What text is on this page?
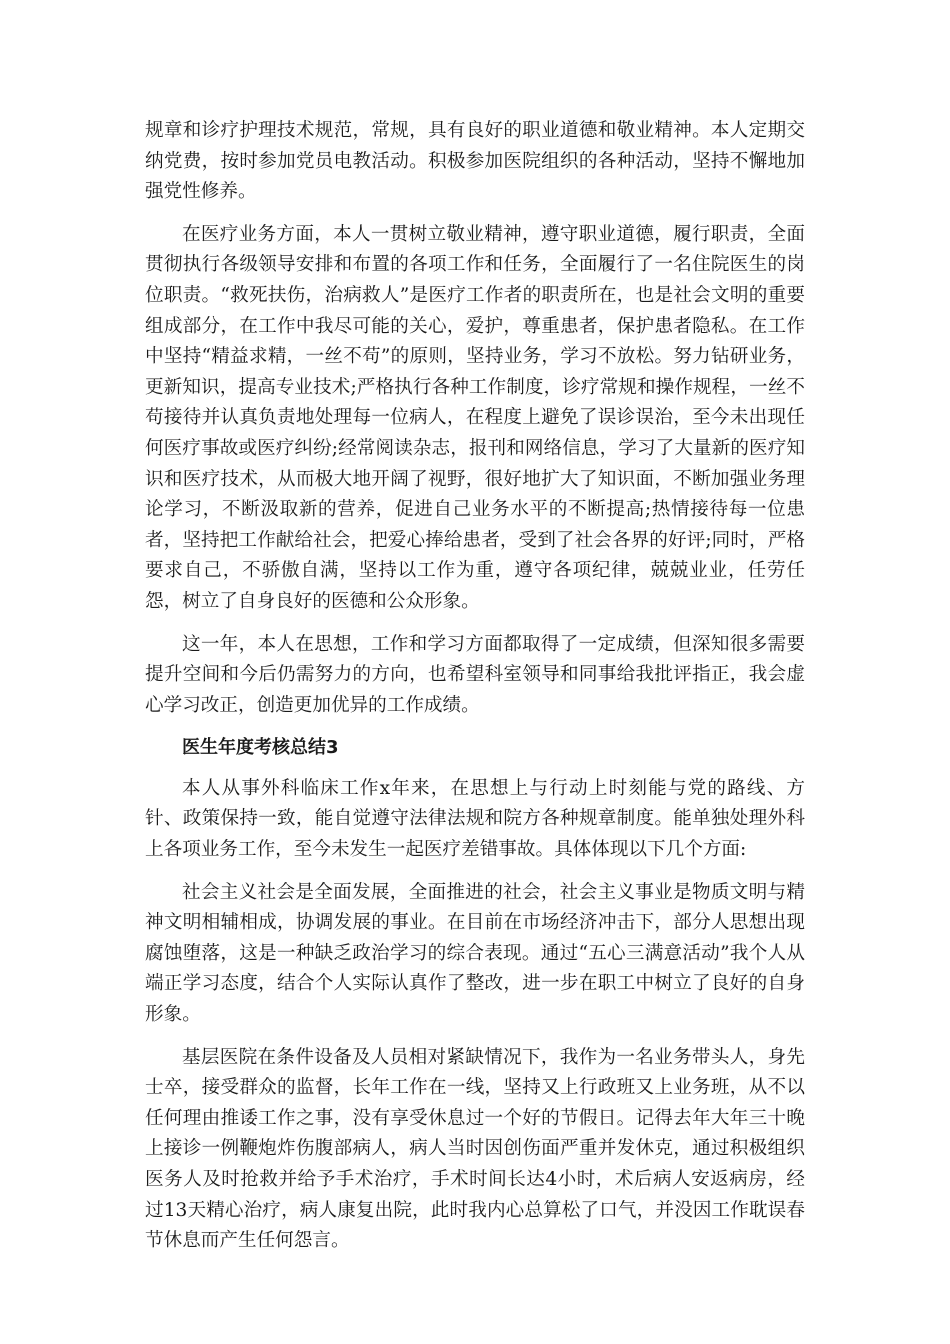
规章和诊疗护理技术规范，常规，具有良好的职业道德和敬业精神。本人定期交纳党费，按时参加党员电教活动。积极参加医院组织的各种活动，坚持不懈地加强党性修养。

在医疗业务方面，本人一贯树立敬业精神，遵守职业道德，履行职责，全面贯彻执行各级领导安排和布置的各项工作和任务，全面履行了一名住院医生的岗位职责。“救死扶伤，治病救人”是医疗工作者的职责所在，也是社会文明的重要组成部分，在工作中我尽可能的关心，爱护，尊重患者，保护患者隐私。在工作中坚持“精益求精，一丝不苟”的原则，坚持业务，学习不放松。努力钻研业务，更新知识，提高专业技术;严格执行各种工作制度，诊疗常规和操作规程，一丝不苟接待并认真负责地处理每一位病人，在程度上避免了误诊误治，至今未出现任何医疗事故或医疗纠纷;经常阅读杂志，报刊和网络信息，学习了大量新的医疗知识和医疗技术，从而极大地开阔了视野，很好地扩大了知识面，不断加强业务理论学习，不断汲取新的营养，促进自己业务水平的不断提高;热情接待每一位患者，坚持把工作献给社会，把爱心捧给患者，受到了社会各界的好评;同时，严格要求自己，不骄傲自满，坚持以工作为重，遵守各项纪律，兢兢业业，任劳任怨，树立了自身良好的医德和公众形象。

这一年，本人在思想，工作和学习方面都取得了一定成绩，但深知很多需要提升空间和今后仍需努力的方向，也希望科室领导和同事给我批评指正，我会虚心学习改正，创造更加优异的工作成绩。

医生年度考核总结3

本人从事外科临床工作x年来，在思想上与行动上时刻能与党的路线、方针、政策保持一致，能自觉遵守法律法规和院方各种规章制度。能单独处理外科上各项业务工作，至今未发生一起医疗差错事故。具体体现以下几个方面:

社会主义社会是全面发展，全面推进的社会，社会主义事业是物质文明与精神文明相辅相成，协调发展的事业。在目前在市场经济冲击下，部分人思想出现腐蚀堕落，这是一种缺乏政治学习的综合表现。通过“五心三满意活动”我个人从端正学习态度，结合个人实际认真作了整改，进一步在职工中树立了良好的自身形象。

基层医院在条件设备及人员相对紧缺情况下，我作为一名业务带头人，身先士卒，接受群众的监督，长年工作在一线，坚持又上行政班又上业务班，从不以任何理由推诿工作之事，没有享受休息过一个好的节假日。记得去年大年三十晚上接诊一例鞭炮炸伤腹部病人，病人当时因创伤面严重并发休克，通过积极组织医务人及时抢救并给予手术治疗，手术时间长达4小时，术后病人安返病房，经过13天精心治疗，病人康复出院，此时我内心总算松了口气，并没因工作耽误春节休息而产生任何怨言。
